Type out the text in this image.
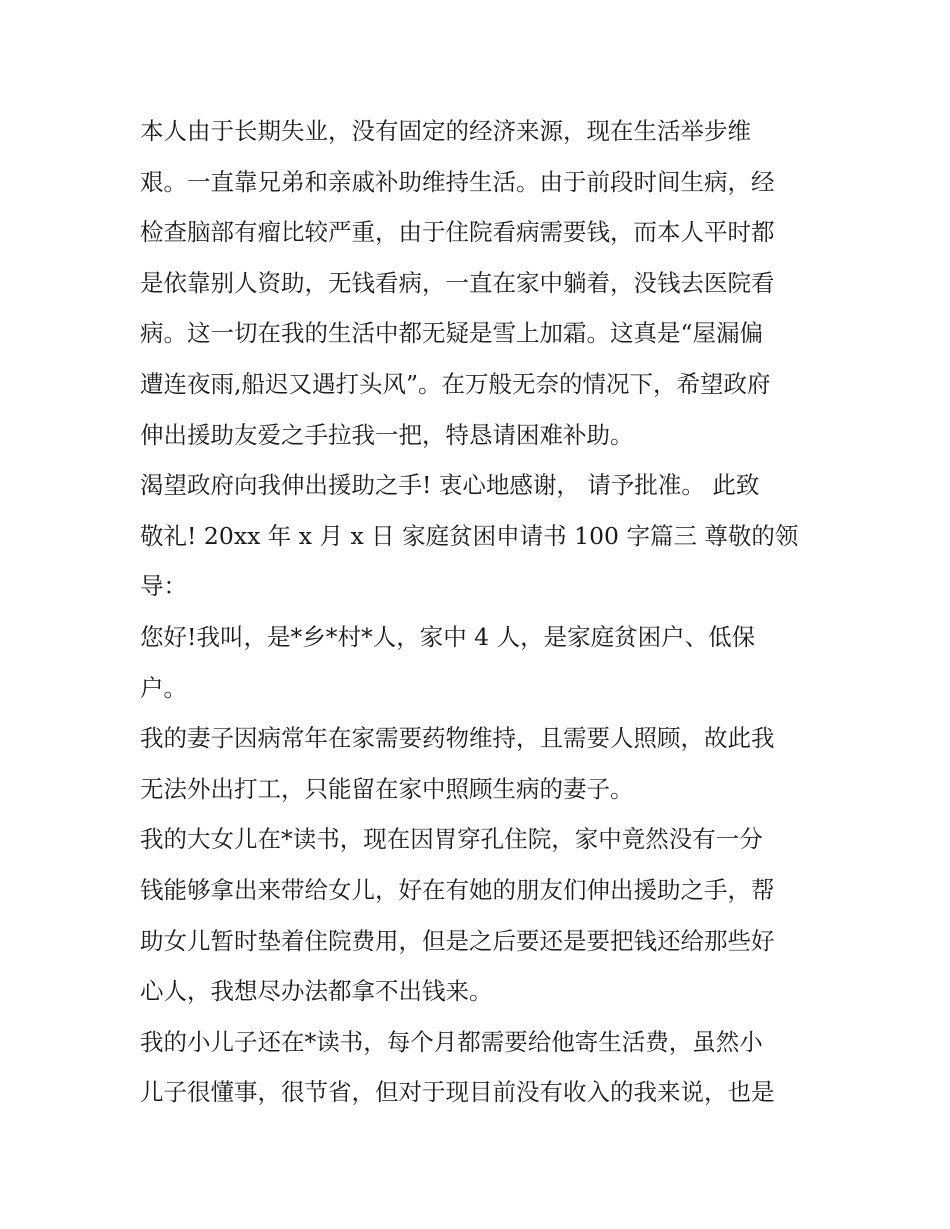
本人由于长期失业，没有固定的经济来源，现在生活举步维
艰。一直靠兄弟和亲戚补助维持生活。由于前段时间生病，经
检查脑部有瘤比较严重，由于住院看病需要钱，而本人平时都
是依靠别人资助，无钱看病，一直在家中躺着，没钱去医院看
病。这一切在我的生活中都无疑是雪上加霜。这真是“屋漏偏
遭连夜雨,船迟又遇打头风”。在万般无奈的情况下，希望政府
伸出援助友爱之手拉我一把，特恳请困难补助。
渴望政府向我伸出援助之手! 衷心地感谢， 请予批准。 此致
敬礼! 20xx 年 x 月 x 日 家庭贫困申请书 100 字篇三 尊敬的领
导：
您好!我叫，是*乡*村*人，家中 4 人，是家庭贫困户、低保
户。
我的妻子因病常年在家需要药物维持，且需要人照顾，故此我
无法外出打工，只能留在家中照顾生病的妻子。
我的大女儿在*读书，现在因胃穿孔住院，家中竟然没有一分
钱能够拿出来带给女儿，好在有她的朋友们伸出援助之手，帮
助女儿暂时垫着住院费用，但是之后要还是要把钱还给那些好
心人，我想尽办法都拿不出钱来。
我的小儿子还在*读书，每个月都需要给他寄生活费，虽然小
儿子很懂事，很节省，但对于现目前没有收入的我来说，也是
